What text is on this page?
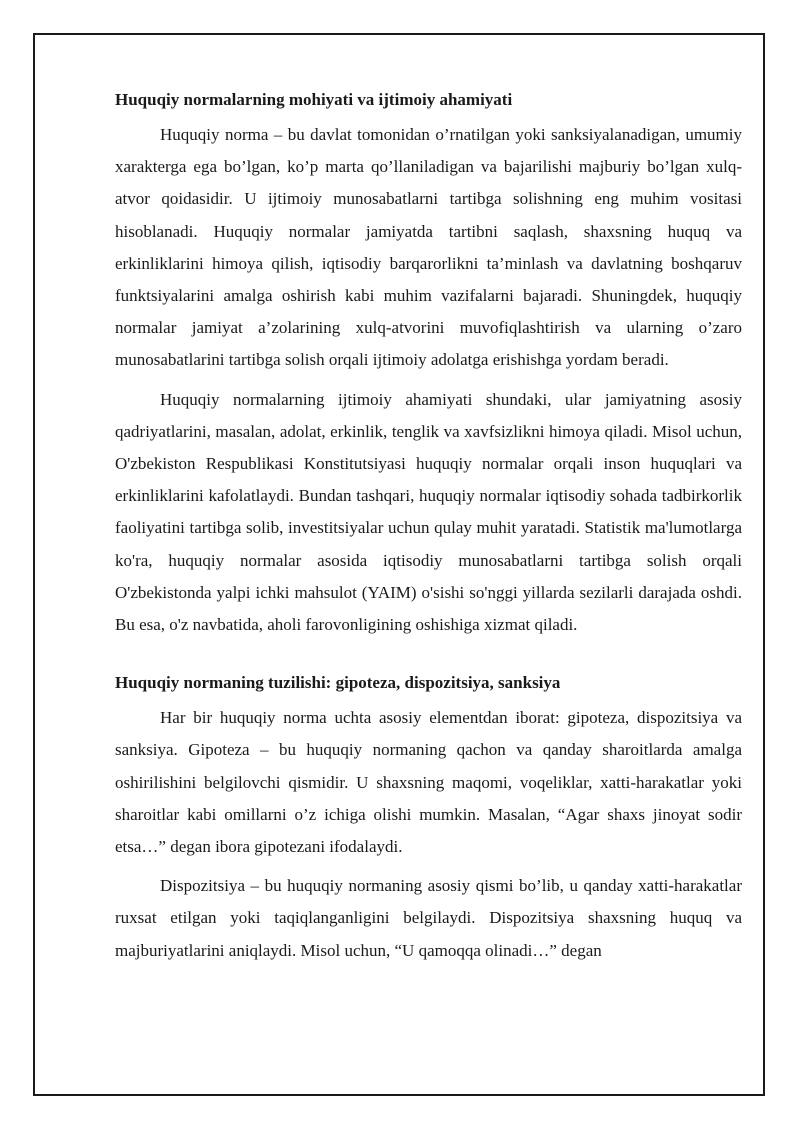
Huquqiy normalarning mohiyati va ijtimoiy ahamiyati

Huquqiy norma – bu davlat tomonidan o’rnatilgan yoki sanksiyalanadigan, umumiy xarakterga ega bo’lgan, ko’p marta qo’llaniladigan va bajarilishi majburiy bo’lgan xulq-atvor qoidasidir. U ijtimoiy munosabatlarni tartibga solishning eng muhim vositasi hisoblanadi. Huquqiy normalar jamiyatda tartibni saqlash, shaxsning huquq va erkinliklarini himoya qilish, iqtisodiy barqarorlikni ta’minlash va davlatning boshqaruv funktsiyalarini amalga oshirish kabi muhim vazifalarni bajaradi. Shuningdek, huquqiy normalar jamiyat a’zolarining xulq-atvorini muvofiqlashtirish va ularning o’zaro munosabatlarini tartibga solish orqali ijtimoiy adolatga erishishga yordam beradi.

Huquqiy normalarning ijtimoiy ahamiyati shundaki, ular jamiyatning asosiy qadriyatlarini, masalan, adolat, erkinlik, tenglik va xavfsizlikni himoya qiladi. Misol uchun, O'zbekiston Respublikasi Konstitutsiyasi huquqiy normalar orqali inson huquqlari va erkinliklarini kafolatlaydi. Bundan tashqari, huquqiy normalar iqtisodiy sohada tadbirkorlik faoliyatini tartibga solib, investitsiyalar uchun qulay muhit yaratadi. Statistik ma'lumotlarga ko'ra, huquqiy normalar asosida iqtisodiy munosabatlarni tartibga solish orqali O'zbekistonda yalpi ichki mahsulot (YAIM) o'sishi so'nggi yillarda sezilarli darajada oshdi. Bu esa, o'z navbatida, aholi farovonligining oshishiga xizmat qiladi.

Huquqiy normaning tuzilishi: gipoteza, dispozitsiya, sanksiya

Har bir huquqiy norma uchta asosiy elementdan iborat: gipoteza, dispozitsiya va sanksiya. Gipoteza – bu huquqiy normaning qachon va qanday sharoitlarda amalga oshirilishini belgilovchi qismidir. U shaxsning maqomi, voqeliklar, xatti-harakatlar yoki sharoitlar kabi omillarni o’z ichiga olishi mumkin. Masalan, “Agar shaxs jinoyat sodir etsa…” degan ibora gipotezani ifodalaydi.

Dispozitsiya – bu huquqiy normaning asosiy qismi bo’lib, u qanday xatti-harakatlar ruxsat etilgan yoki taqiqlanganligini belgilaydi. Dispozitsiya shaxsning huquq va majburiyatlarini aniqlaydi. Misol uchun, “U qamoqqa olinadi…” degan
